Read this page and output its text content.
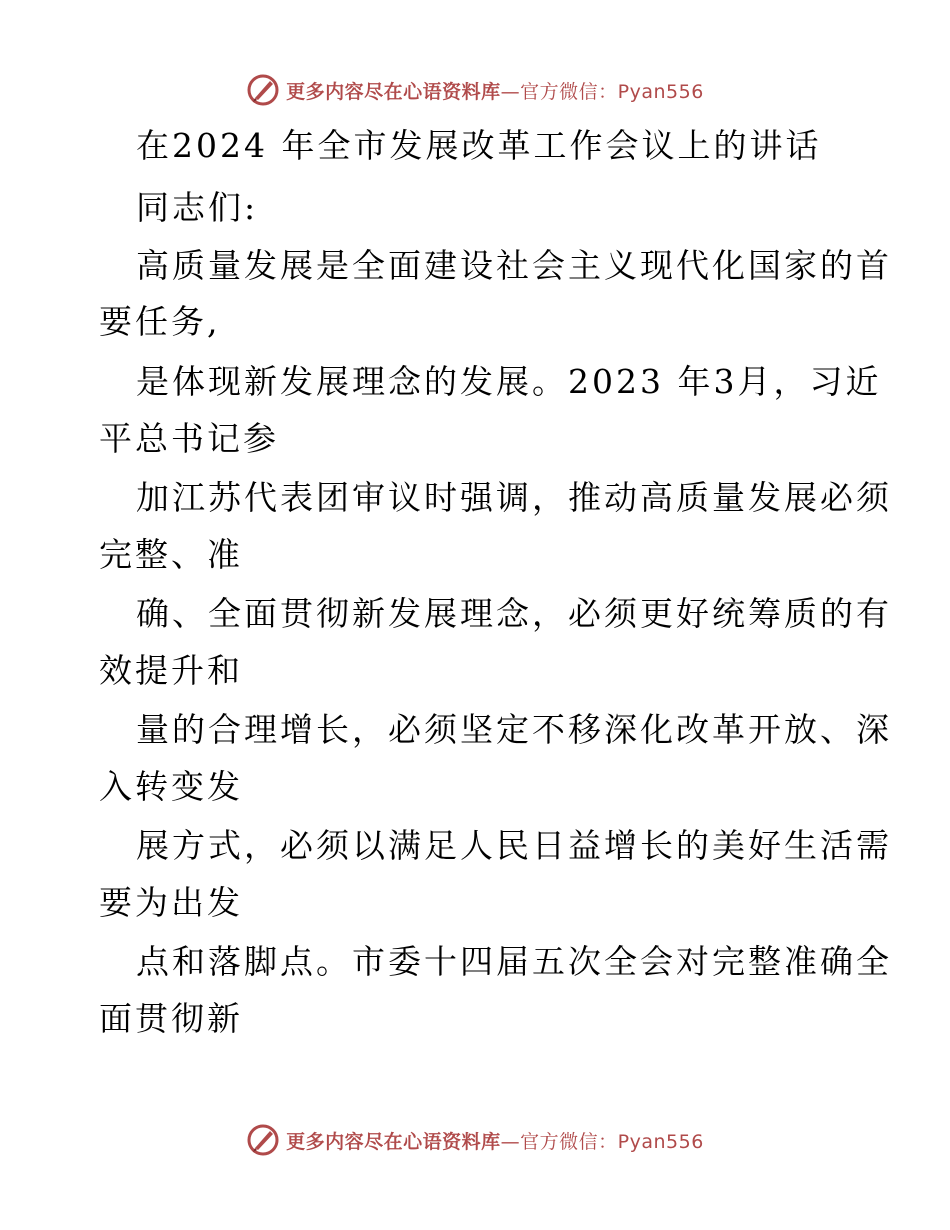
更多内容尽在心语资料库—官方微信：Pyan556
在2024 年全市发展改革工作会议上的讲话
同志们:
高质量发展是全面建设社会主义现代化国家的首
要任务,
是体现新发展理念的发展。2023 年3月，习近
平总书记参
加江苏代表团审议时强调，推动高质量发展必须
完整、准
确、全面贯彻新发展理念，必须更好统筹质的有
效提升和
量的合理增长，必须坚定不移深化改革开放、深
入转变发
展方式，必须以满足人民日益增长的美好生活需
要为出发
点和落脚点。市委十四届五次全会对完整准确全
面贯彻新
更多内容尽在心语资料库—官方微信：Pyan556
